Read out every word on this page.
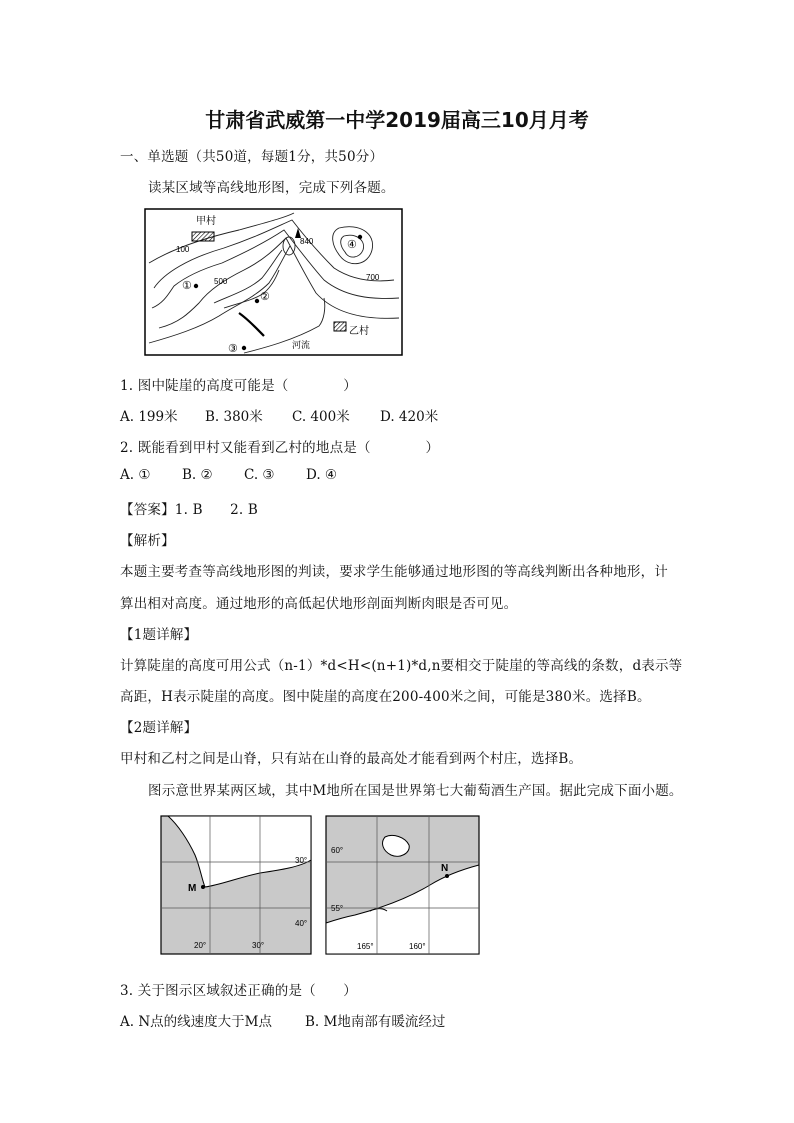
甘肃省武威第一中学2019届高三10月月考
一、单选题（共50道，每题1分，共50分）
读某区域等高线地形图，完成下列各题。
甲村
乙村
河流
100
500	700
840
①
②
③
④
1. 图中陡崖的高度可能是（　　　　）
A. 199米 B. 380米 C. 400米 D. 420米
2. 既能看到甲村又能看到乙村的地点是（　　　　）
A. ① B. ② C. ③ D. ④
【答案】1. B　　2. B
【解析】
本题主要考查等高线地形图的判读，要求学生能够通过地形图的等高线判断出各种地形，计
算出相对高度。通过地形的高低起伏地形剖面判断肉眼是否可见。
【1题详解】
计算陡崖的高度可用公式（n-1）*d<H<(n+1)*d,n要相交于陡崖的等高线的条数，d表示等
高距，H表示陡崖的高度。图中陡崖的高度在200-400米之间，可能是380米。选择B。
【2题详解】
甲村和乙村之间是山脊，只有站在山脊的最高处才能看到两个村庄，选择B。
图示意世界某两区域，其中M地所在国是世界第七大葡萄酒生产国。据此完成下面小题。
M
30°
40°
20°	30°
N
60°
55°
165°	160°
3. 关于图示区域叙述正确的是（　　）
A. N点的线速度大于M点 B. M地南部有暖流经过
